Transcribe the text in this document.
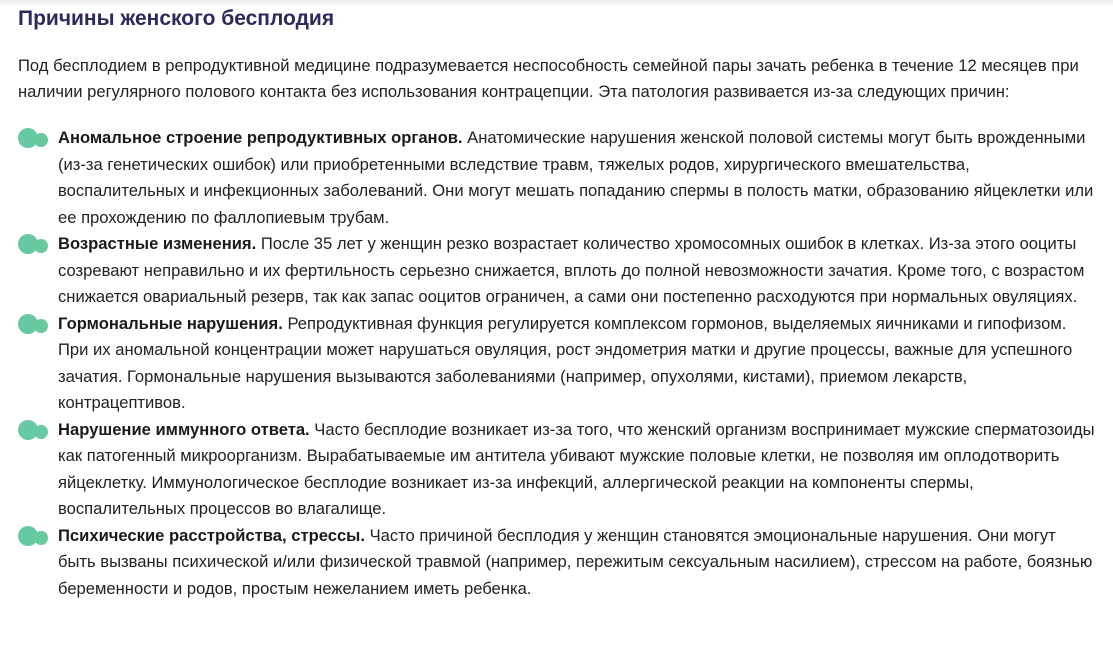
Причины женского бесплодия

Под бесплодием в репродуктивной медицине подразумевается неспособность семейной пары зачать ребенка в течение 12 месяцев при наличии регулярного полового контакта без использования контрацепции. Эта патология развивается из-за следующих причин:

Аномальное строение репродуктивных органов. Анатомические нарушения женской половой системы могут быть врожденными (из-за генетических ошибок) или приобретенными вследствие травм, тяжелых родов, хирургического вмешательства, воспалительных и инфекционных заболеваний. Они могут мешать попаданию спермы в полость матки, образованию яйцеклетки или ее прохождению по фаллопиевым трубам.
Возрастные изменения. После 35 лет у женщин резко возрастает количество хромосомных ошибок в клетках. Из-за этого ооциты созревают неправильно и их фертильность серьезно снижается, вплоть до полной невозможности зачатия. Кроме того, с возрастом снижается овариальный резерв, так как запас ооцитов ограничен, а сами они постепенно расходуются при нормальных овуляциях.
Гормональные нарушения. Репродуктивная функция регулируется комплексом гормонов, выделяемых яичниками и гипофизом. При их аномальной концентрации может нарушаться овуляция, рост эндометрия матки и другие процессы, важные для успешного зачатия. Гормональные нарушения вызываются заболеваниями (например, опухолями, кистами), приемом лекарств, контрацептивов.
Нарушение иммунного ответа. Часто бесплодие возникает из-за того, что женский организм воспринимает мужские сперматозоиды как патогенный микроорганизм. Вырабатываемые им антитела убивают мужские половые клетки, не позволяя им оплодотворить яйцеклетку. Иммунологическое бесплодие возникает из-за инфекций, аллергической реакции на компоненты спермы, воспалительных процессов во влагалище.
Психические расстройства, стрессы. Часто причиной бесплодия у женщин становятся эмоциональные нарушения. Они могут быть вызваны психической и/или физической травмой (например, пережитым сексуальным насилием), стрессом на работе, боязнью беременности и родов, простым нежеланием иметь ребенка.
